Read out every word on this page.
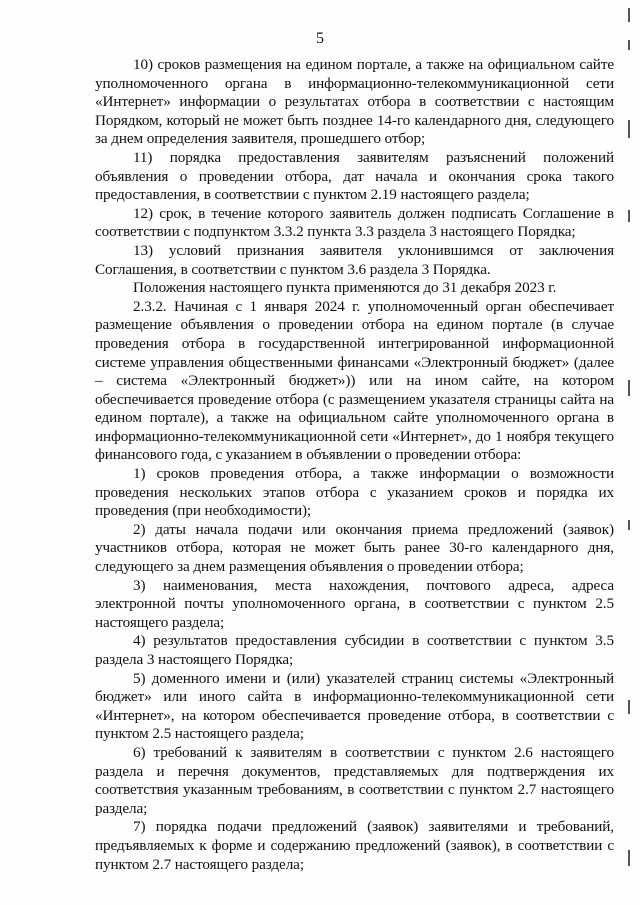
5

10) сроков размещения на едином портале, а также на официальном сайте уполномоченного органа в информационно-телекоммуникационной сети «Интернет» информации о результатах отбора в соответствии с настоящим Порядком, который не может быть позднее 14-го календарного дня, следующего за днем определения заявителя, прошедшего отбор;

11) порядка предоставления заявителям разъяснений положений объявления о проведении отбора, дат начала и окончания срока такого предоставления, в соответствии с пунктом 2.19 настоящего раздела;

12) срок, в течение которого заявитель должен подписать Соглашение в соответствии с подпунктом 3.3.2 пункта 3.3 раздела 3 настоящего Порядка;

13) условий признания заявителя уклонившимся от заключения Соглашения, в соответствии с пунктом 3.6 раздела 3 Порядка.

Положения настоящего пункта применяются до 31 декабря 2023 г.

2.3.2. Начиная с 1 января 2024 г. уполномоченный орган обеспечивает размещение объявления о проведении отбора на едином портале (в случае проведения отбора в государственной интегрированной информационной системе управления общественными финансами «Электронный бюджет» (далее – система «Электронный бюджет»)) или на ином сайте, на котором обеспечивается проведение отбора (с размещением указателя страницы сайта на едином портале), а также на официальном сайте уполномоченного органа в информационно-телекоммуникационной сети «Интернет», до 1 ноября текущего финансового года, с указанием в объявлении о проведении отбора:

1) сроков проведения отбора, а также информации о возможности проведения нескольких этапов отбора с указанием сроков и порядка их проведения (при необходимости);

2) даты начала подачи или окончания приема предложений (заявок) участников отбора, которая не может быть ранее 30-го календарного дня, следующего за днем размещения объявления о проведении отбора;

3) наименования, места нахождения, почтового адреса, адреса электронной почты уполномоченного органа, в соответствии с пунктом 2.5 настоящего раздела;

4) результатов предоставления субсидии в соответствии с пунктом 3.5 раздела 3 настоящего Порядка;

5) доменного имени и (или) указателей страниц системы «Электронный бюджет» или иного сайта в информационно-телекоммуникационной сети «Интернет», на котором обеспечивается проведение отбора, в соответствии с пунктом 2.5 настоящего раздела;

6) требований к заявителям в соответствии с пунктом 2.6 настоящего раздела и перечня документов, представляемых для подтверждения их соответствия указанным требованиям, в соответствии с пунктом 2.7 настоящего раздела;

7) порядка подачи предложений (заявок) заявителями и требований, предъявляемых к форме и содержанию предложений (заявок), в соответствии с пунктом 2.7 настоящего раздела;
